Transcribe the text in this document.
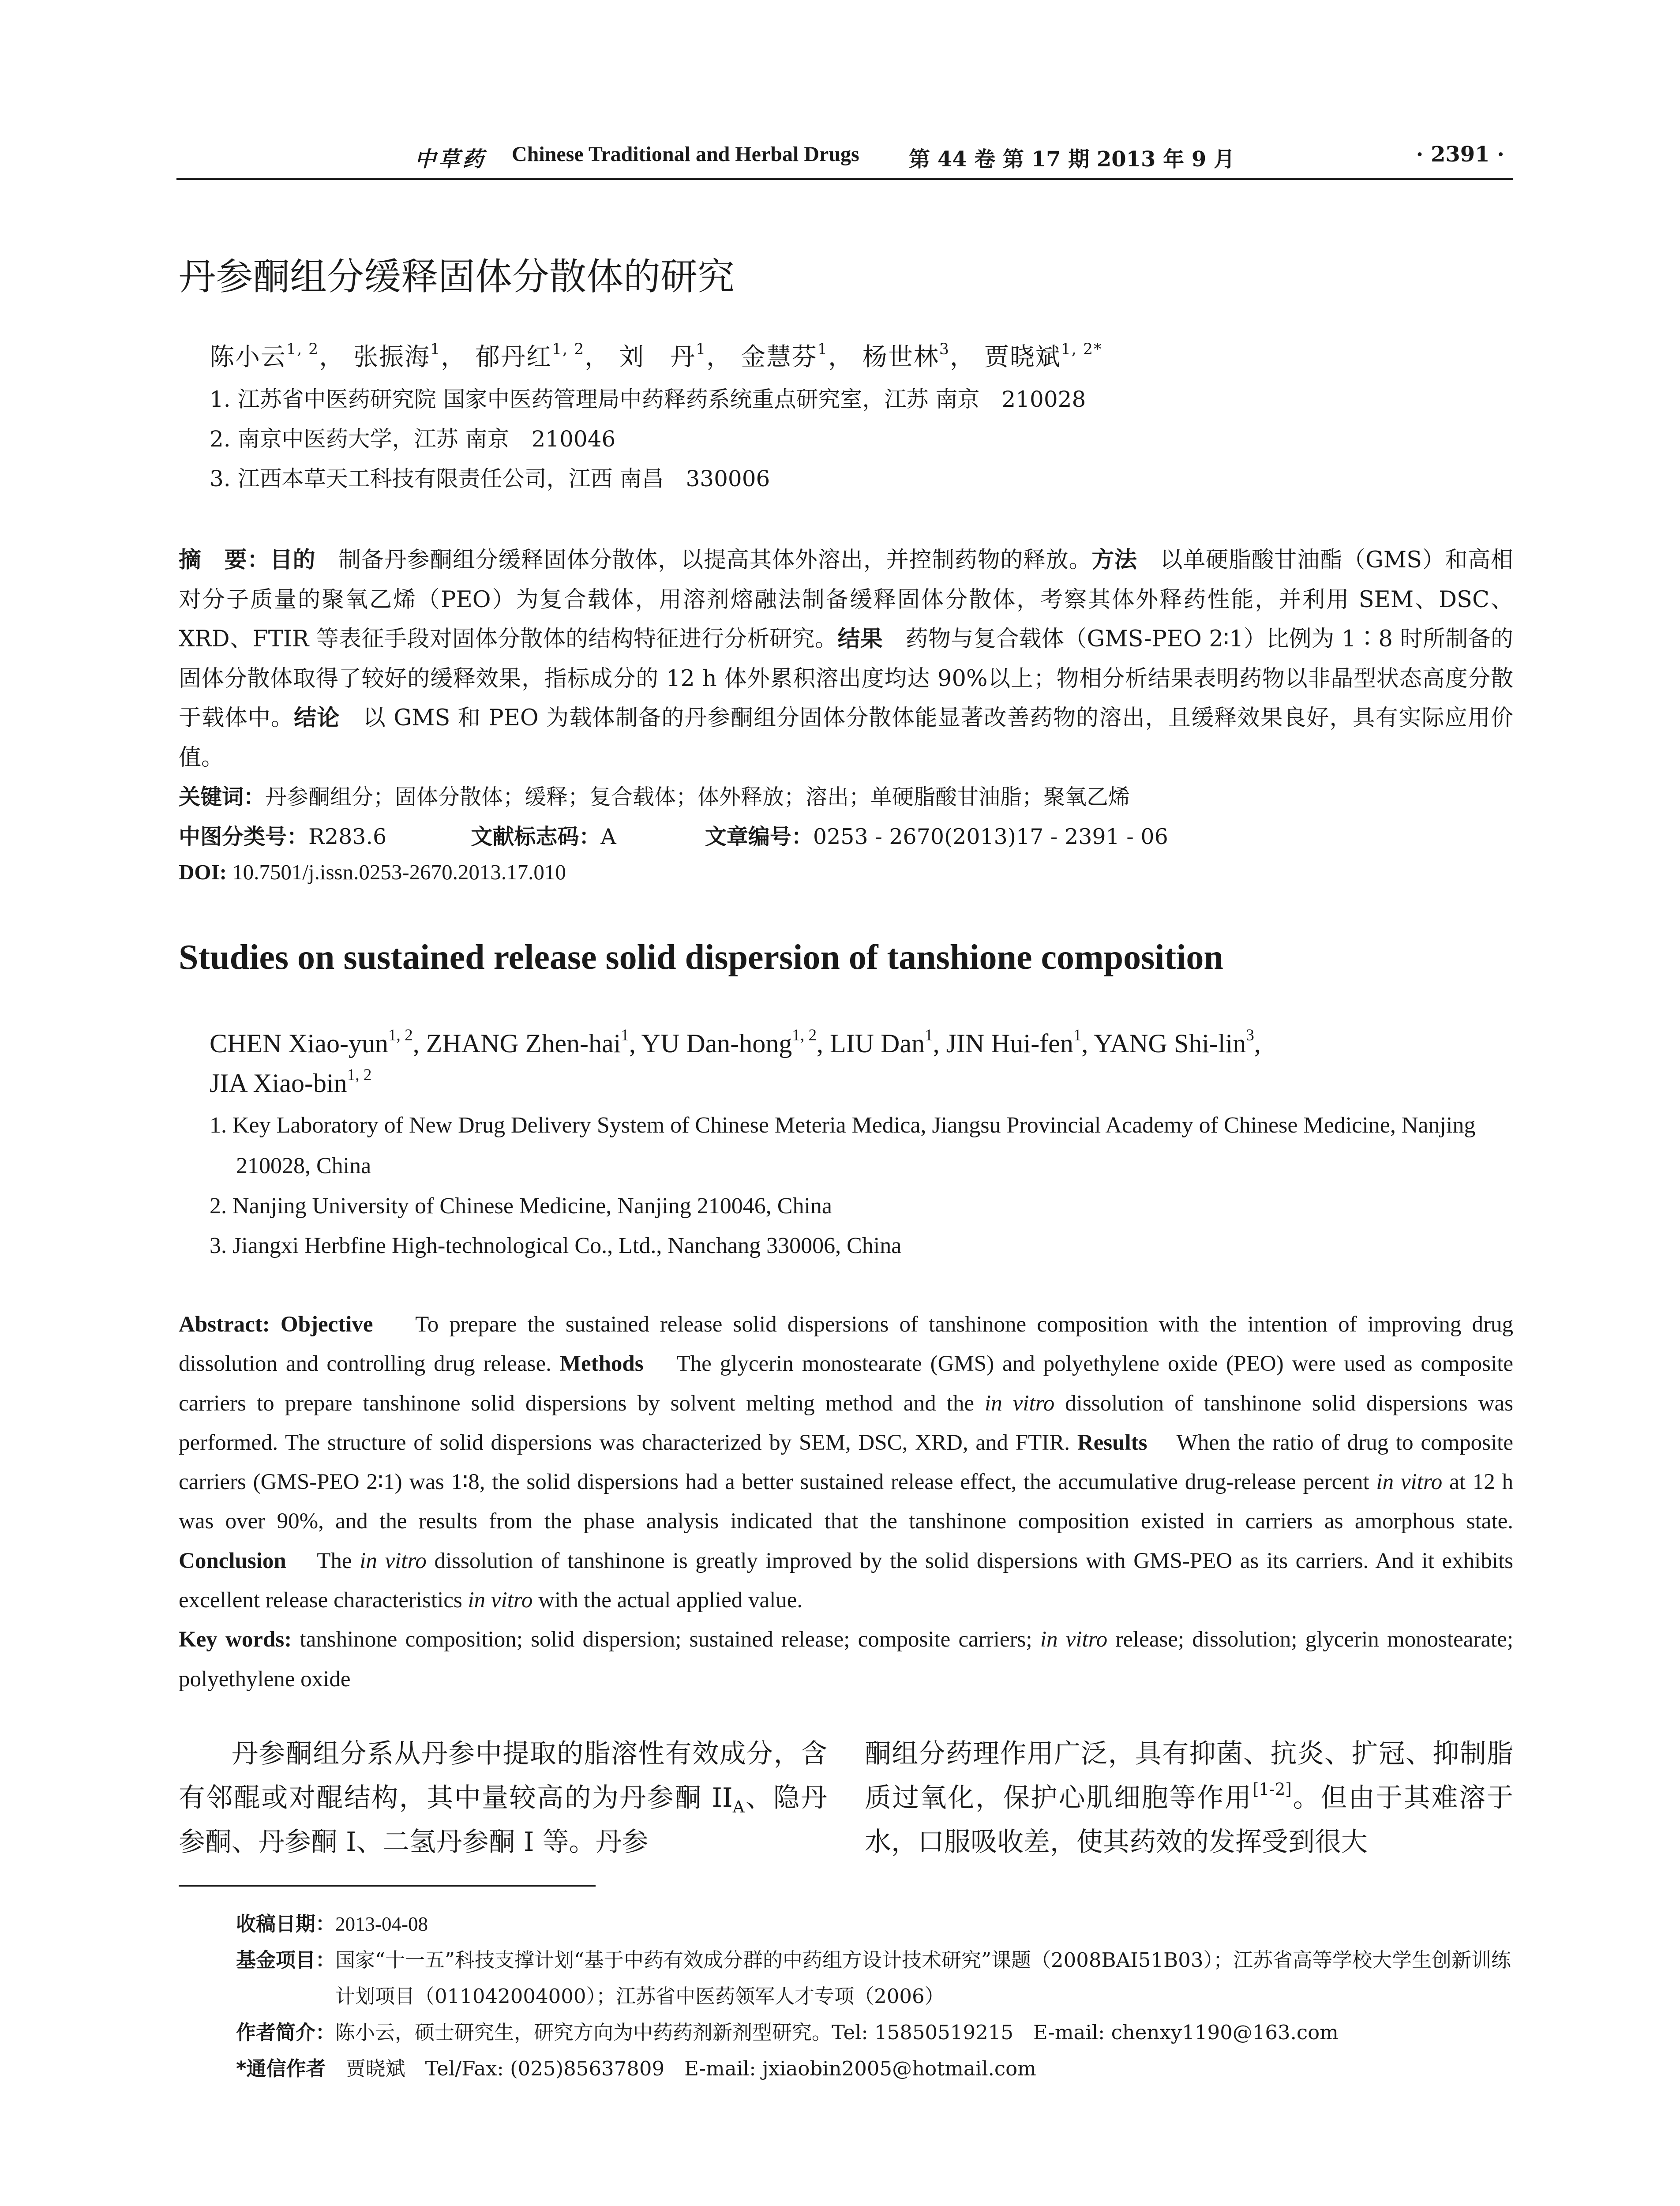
中草药 Chinese Traditional and Herbal Drugs 第 44 卷 第 17 期 2013 年 9 月	· 2391 ·
丹参酮组分缓释固体分散体的研究
陈小云$^{1, 2}$， 张振海$^1$， 郁丹红$^{1, 2}$， 刘　丹$^1$， 金慧芬$^1$， 杨世林$^3$， 贾晓斌$^{1, 2*}$
1. 江苏省中医药研究院 国家中医药管理局中药释药系统重点研究室，江苏 南京　210028
2. 南京中医药大学，江苏 南京　210046
3. 江西本草天工科技有限责任公司，江西 南昌　330006
摘　要：目的　 制备丹参酮组分缓释固体分散体，以提高其体外溶出，并控制药物的释放。方法　 以单硬脂酸甘油酯（GMS）和高相对分子质量的聚氧乙烯（PEO）为复合载体，用溶剂熔融法制备缓释固体分散体，考察其体外释药性能，并利用 SEM、DSC、XRD、FTIR 等表征手段对固体分散体的结构特征进行分析研究。结果　 药物与复合载体（GMS-PEO 2∶1）比例为 1∶8 时所制备的固体分散体取得了较好的缓释效果，指标成分的 12 h 体外累积溶出度均达 90%以上；物相分析结果表明药物以非晶型状态高度分散于载体中。结论　 以 GMS 和 PEO 为载体制备的丹参酮组分固体分散体能显著改善药物的溶出，且缓释效果良好，具有实际应用价值。
关键词：丹参酮组分；固体分散体；缓释；复合载体；体外释放；溶出；单硬脂酸甘油脂；聚氧乙烯
中图分类号：R283.6	文献标志码：A	文章编号：0253 - 2670(2013)17 - 2391 - 06
DOI: 10.7501/j.issn.0253-2670.2013.17.010
Studies on sustained release solid dispersion of tanshione composition
CHEN Xiao-yun$^{1, 2}$, ZHANG Zhen-hai$^1$, YU Dan-hong$^{1, 2}$, LIU Dan$^1$, JIN Hui-fen$^1$, YANG Shi-lin$^3$,
JIA Xiao-bin$^{1, 2}$
1. Key Laboratory of New Drug Delivery System of Chinese Meteria Medica, Jiangsu Provincial Academy of Chinese Medicine, Nanjing 210028, China
2. Nanjing University of Chinese Medicine, Nanjing 210046, China
3. Jiangxi Herbfine High-technological Co., Ltd., Nanchang 330006, China
Abstract: Objective To prepare the sustained release solid dispersions of tanshinone composition with the intention of improving drug dissolution and controlling drug release. Methods The glycerin monostearate (GMS) and polyethylene oxide (PEO) were used as composite carriers to prepare tanshinone solid dispersions by solvent melting method and the in vitro dissolution of tanshinone solid dispersions was performed. The structure of solid dispersions was characterized by SEM, DSC, XRD, and FTIR. Results When the ratio of drug to composite carriers (GMS-PEO 2∶1) was 1∶8, the solid dispersions had a better sustained release effect, the accumulative drug-release percent in vitro at 12 h was over 90%, and the results from the phase analysis indicated that the tanshinone composition existed in carriers as amorphous state. Conclusion The in vitro dissolution of tanshinone is greatly improved by the solid dispersions with GMS-PEO as its carriers. And it exhibits excellent release characteristics in vitro with the actual applied value.
Key words: tanshinone composition; solid dispersion; sustained release; composite carriers; in vitro release; dissolution; glycerin monostearate; polyethylene oxide
丹参酮组分系从丹参中提取的脂溶性有效成分，含有邻醌或对醌结构，其中量较高的为丹参酮 $II_A$、隐丹参酮、丹参酮 I、二氢丹参酮 I 等。丹参
酮组分药理作用广泛，具有抑菌、抗炎、扩冠、抑制脂质过氧化，保护心肌细胞等作用[1-2]。但由于其难溶于水，口服吸收差，使其药效的发挥受到很大
收稿日期：2013-04-08
基金项目：国家“十一五”科技支撑计划“基于中药有效成分群的中药组方设计技术研究”课题（2008BAI51B03）；江苏省高等学校大学生创新训练计划项目（011042004000）；江苏省中医药领军人才专项（2006）
作者简介：陈小云，硕士研究生，研究方向为中药药剂新剂型研究。Tel: 15850519215　E-mail: chenxy1190@163.com
*通信作者　 贾晓斌　Tel/Fax: (025)85637809　E-mail: jxiaobin2005@hotmail.com
